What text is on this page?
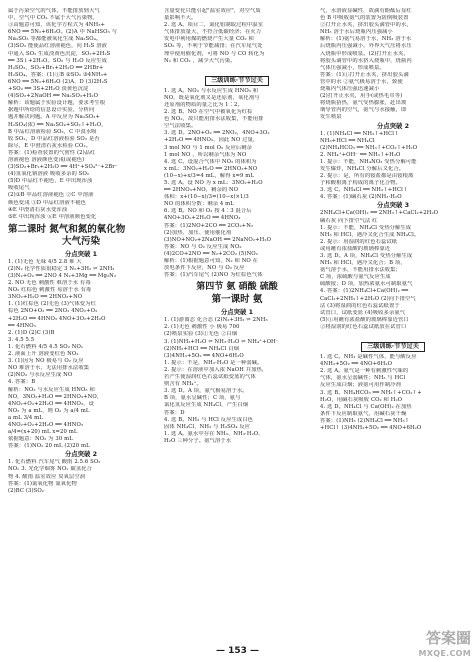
属于污染空气的气体，不能排放到大气
中，空气中 CO₂ 不属于大气污染物。
③由题意可知，该化学方程式为 4NH₃+
6NO ══ 5N₂+6H₂O。(2)A 中 NaHSO₃ 与
Na₂SO₃ 等都能被氧化生成 Na₂SO₄。
(3)SO₂ 能使品红溶液褪色，向 H₂S 溶液
中通入 SO₂ 生成淡黄色沉淀，SO₂+2H₂S
══ 3S↓+2H₂O。SO₂ 与 H₂O 反应生成
H₂SO₃，SO₂+Br₂+2H₂O ══ 2HBr+
H₂SO₄。答案：(1)①B ②SO₂ ③4NH₃+
6NO ══ 5N₂+6H₂O (2)A、D (3)2H₂S
+SO₂ ══ 3S+2H₂O 淡黄色沉淀
(4)SO₂+2NaOH ══ Na₂SO₃+H₂O
解析：该题属于实验设计题，要求考生根
据题中所给的信息设计实验，分析问
题并解决问题。A 中反应为 Na₂SO₃+
H₂SO₄(浓) ══ Na₂SO₄+SO₂↑+H₂O，
B 中品红溶液检验 SO₂，C 中溴水吸
收 SO₂，D 中品红溶液检验 SO₂ 是否
除尽，E 中澄清石灰水检验 CO₂。
答案：(1)检查装置的气密性 (2)品红
溶液褪色 溶液颜色变浅(或褪色)
(3)SO₂+Br₂+2H₂O ══ 4H⁺+SO₄²⁻+2Br⁻
(4)氢氧化钠溶液 吸收多余的 SO₂
(5)D 中品红不褪色，E 中出现浑浊
吸收尾气
(2)①B 中品红溶液褪色 ②C 中溶液
颜色变浅 ③D 中品红溶液不褪色
④E 中澄清石灰水变浑浊
⑤E 中出现浑浊 ⑥E 中溶液颜色变化
第二课时 氮气和氮的氧化物
大气污染
分点突破 1
1. (1)无色 无味 4/5 2.8 难 大
(2)N₂ 化学性质很稳定 3 N₂+3H₂ ⇌ 2NH₃
(3)N₂+O₂ ══ 2NO 4 N₂+3Mg ══ Mg₃N₂
2. NO 无色 刺激性 难溶于水 有毒
NO₂ 红棕色 刺激性 易溶于水 有毒
3NO₂+H₂O ══ 2HNO₃+NO
1. (1)红棕色 (2)无色 (3)气体变为红
棕色 2NO+O₂ ══ 2NO₂ 4NO₂+O₂
+2H₂O ══ 4HNO₃ 4NO+3O₂+2H₂O
══ 4HNO₃
2. (1)D (2)C (3)B
3. 4.5 5.5
1. 化石燃料 4/5 4.5 SO₂ NOₓ
2. 液面上升 溶液变红色 NO₂
3. (1)因为 NO 极易与 O₂ 反应
NO 难溶于水，无法用排水法收集
(2)NO₂ 与水反应生成 NO
4. 答案：B
解析：NO₂ 与水反应生成 HNO₃ 和
NO，3NO₂+H₂O ══ 2HNO₃+NO，
4NO₂+O₂+2H₂O ══ 4HNO₃，设
NO₂ 为 a mL，则 O₂ 为 a/4 mL
a mL 3/4 mL
4NO₂+O₂+2H₂O ══ 4HNO₃
a/4=(x+20) mL x=20 mL
依据题意：NO₂ 为 30 mL
答案：(1)NO₂ 20 mL (2)20 mL
分点突破 2
1. 化石燃料 汽车尾气 酸雨 2.5.6 SO₂
NOₓ 3. 光化学烟雾 NOₓ 碳氢化合
物 4. 酸雨 温室效应 臭氧层空洞
答案：(1)氮氧化物 氮氧化物
(2)BC (3)SO₂
含量变化只能引起"温室效应"，对空气质
量影响不大。
2. 选 A。项目二，氮化铝制取过程中温室
气体排放量大，不符合低碳经济；在火力
发电中利用煤的燃烧产生大量 CO₂ 和
SO₂ 等，不利于节能减排；在汽车尾气处
理中使用催化剂，可将 NO 与 CO 转化为
N₂ 和 CO₂ ，减少大气污染。
三级训练·节节过关
1. 选 A。NO₂ 与水反应生成 HNO₃ 和
NO，既是氧化剂又是还原剂，氧化剂与
还原剂的物质的量之比为 1∶2。
2. 选 B。NO 在空气中被氧化为红棕
色 NO₂，故只能用排水法收集，不能用排
空气法收集。
3. 选 D。2NO+O₂ ══ 2NO₂，4NO+3O₂
+2H₂O ══ 4HNO₃，因此 NO 过量，
3 mol NO 与 1 mol O₂ 反应后剩余
1 mol NO ，所以剩余气体为 NO
4. 选 C。设混合气体中 NO₂ 的体积为
x mL：3NO₂+H₂O ══ 2HNO₃+NO
(10−x)+x/3=4 mL，解得 x=9 mL
5. 选 A。设 NO 为 x mL：3NO₂+H₂O
══ 2HNO₃+NO，剩余的 NO
体积：x+(10−x)/3=(10−x)×1/3
NO 的体积分数：剩余 4 mL
6. 选 B。NO 和 O₂ 按 4∶3 混合后
4NO+3O₂+2H₂O ══ 4HNO₃
答案：(1)2NO+2CO ══ 2CO₂+N₂
(2)加热、加压、使用催化剂
(3)NO+NO₂+2NaOH ══ 2NaNO₂+H₂O
答案：NO 与 O₂ 反应生成 NO₂
(4)2CO+2NO ══ N₂+2CO₂ (5)NO₂
解析：(1)根据题意可知，N₂ 和 NO 在
放电条件下反应，NO 与 O₂ 反应
答案：(1)汽车尾气 (2)NO 为红棕色气体
第四节 氨 硝酸 硫酸
第一课时 氨
分点突破 1
1. (1)游离态 化合态 (2)N₂+3H₂ ⇌ 2NH₃
2. (1)无色 刺激性 小 极易 700
(2)喷泉实验 (3)①无色 ②白烟
3. (1)NH₃+H₂O ⇌ NH₃·H₂O ⇌ NH₄⁺+OH⁻
(2)NH₃+HCl ══ NH₄Cl 白烟
(3)4NH₃+5O₂ ══ 4NO+6H₂O
1. 提示：不是，NH₃·H₂O 是一种弱碱。
2. 提示：在溶液中加入浓 NaOH 并加热，
若产生使湿润红色石蕊试纸变蓝的气体
则含有 NH₄⁺。
3. 选 D。A 项，氨气极易溶于水。
B 项，氨水呈碱性；C 项，氨与
氯化氢反应生成 NH₄Cl，产生白烟
答案：D
4. 选 B。NH₃ 与 HCl 反应生成白色
固体 NH₄Cl，NH₃ 与 H₂SO₄ 反应
1. 选 A。氨水中存在 NH₃、NH₃·H₂O、
H₂O 三种分子。氨气溶于水
气，水溶液显碱性，故滴有酚酞后显红
色 B 中吸收氨气的装置为防倒吸装置
②打开止水夹，挤出胶头滴管中的水，
NH₃ 溶于水后烧瓶内压强减小
解析：(1)氨气易溶于水，NH₃ 溶于水
后烧瓶内压强减小，外界大气压将水压
入烧瓶中形成喷泉。(2)打开止水夹，
将胶头滴管中的水挤入烧瓶中，烧瓶内
气体压强减小，形成喷泉。
答案：(1)①打开止水夹，挤出胶头滴
管中的水 ②氨气极易溶于水，致使
烧瓶内气体压强迅速减小
(2)打开止水夹，用手(或热毛巾等)
将烧瓶捂热，氨气受热膨胀，赶出玻
璃导管内的空气，氨气与水接触，即
发生喷泉
分点突破 2
1. (1)NH₄Cl ══ NH₃↑+HCl↑
NH₃+HCl ══ NH₄Cl
(2)NH₄HCO₃ ══ NH₃↑+CO₂↑+H₂O
2. NH₄⁺+OH⁻ ══ NH₃↑+H₂O
1. 提示：不能，NH₄NO₃ 受热分解可能
发生爆炸，NH₄Cl 分解后又化合。
2. 提示：是，所有的铵盐都是由铵根离
子和酸根离子构成的离子化合物。
3. 选 C。NH₄Cl ══ NH₃↑+HCl↑
4. 答案：(1)碱石灰 (2)NH₃·H₂O
分点突破 3
2NH₄Cl+Ca(OH)₂ ══ 2NH₃↑+CaCl₂+2H₂O
碱石灰 向下排空气法 红
1. 提示：不能，NH₄Cl 受热分解生成
NH₃ 和 HCl，遇冷又化合生成 NH₄Cl。
2. 提示：用湿润的红色石蕊试纸
或用蘸有浓盐酸的玻璃棒靠近
3. 选 D。A 项，NH₄Cl 受热分解生成
NH₃ 和 HCl，遇冷又化合；B 项，
氨气溶于水，不能用排水法收集；
C 项，浓硫酸与氨气反应生成
硫酸铵；D 项，加热浓氨水可制取氨气
4. 答案：(1)2NH₄Cl+Ca(OH)₂ ══
CaCl₂+2NH₃↑+2H₂O (2)向下排空气
法 (3)将湿润的红色石蕊试纸置于
试管口，试纸变蓝 (4)吸收多余氨气
(5)①用蘸有浓盐酸的玻璃棒靠近管口
②将湿润的红色石蕊试纸放在试管口
三级训练·节节过关
1. 选 C。NH₃ 是碱性气体，能与酸反应
4NH₃+5O₂ ══ 4NO+6H₂O
2. 选 A。氨气是一种有刺激性气味的
气体，氨水呈弱碱性；NH₃ 与 HCl
反应生成白烟；液氨可用作制冷剂
3. 选 B。NH₄HCO₃ ══ NH₃↑+CO₂↑+
H₂O，用碱石灰吸收 CO₂ 和 H₂O
4. 选 D。NH₄Cl 与 Ca(OH)₂ 在加热
条件下反应制取氨气，用碱石灰干燥
答案：(1)NH₃ (2)NH₄Cl ══ NH₃↑
+HCl↑ (3)4NH₃+5O₂ ══ 4NO+6H₂O
— 153 —
答案圈
MXQE.COM
